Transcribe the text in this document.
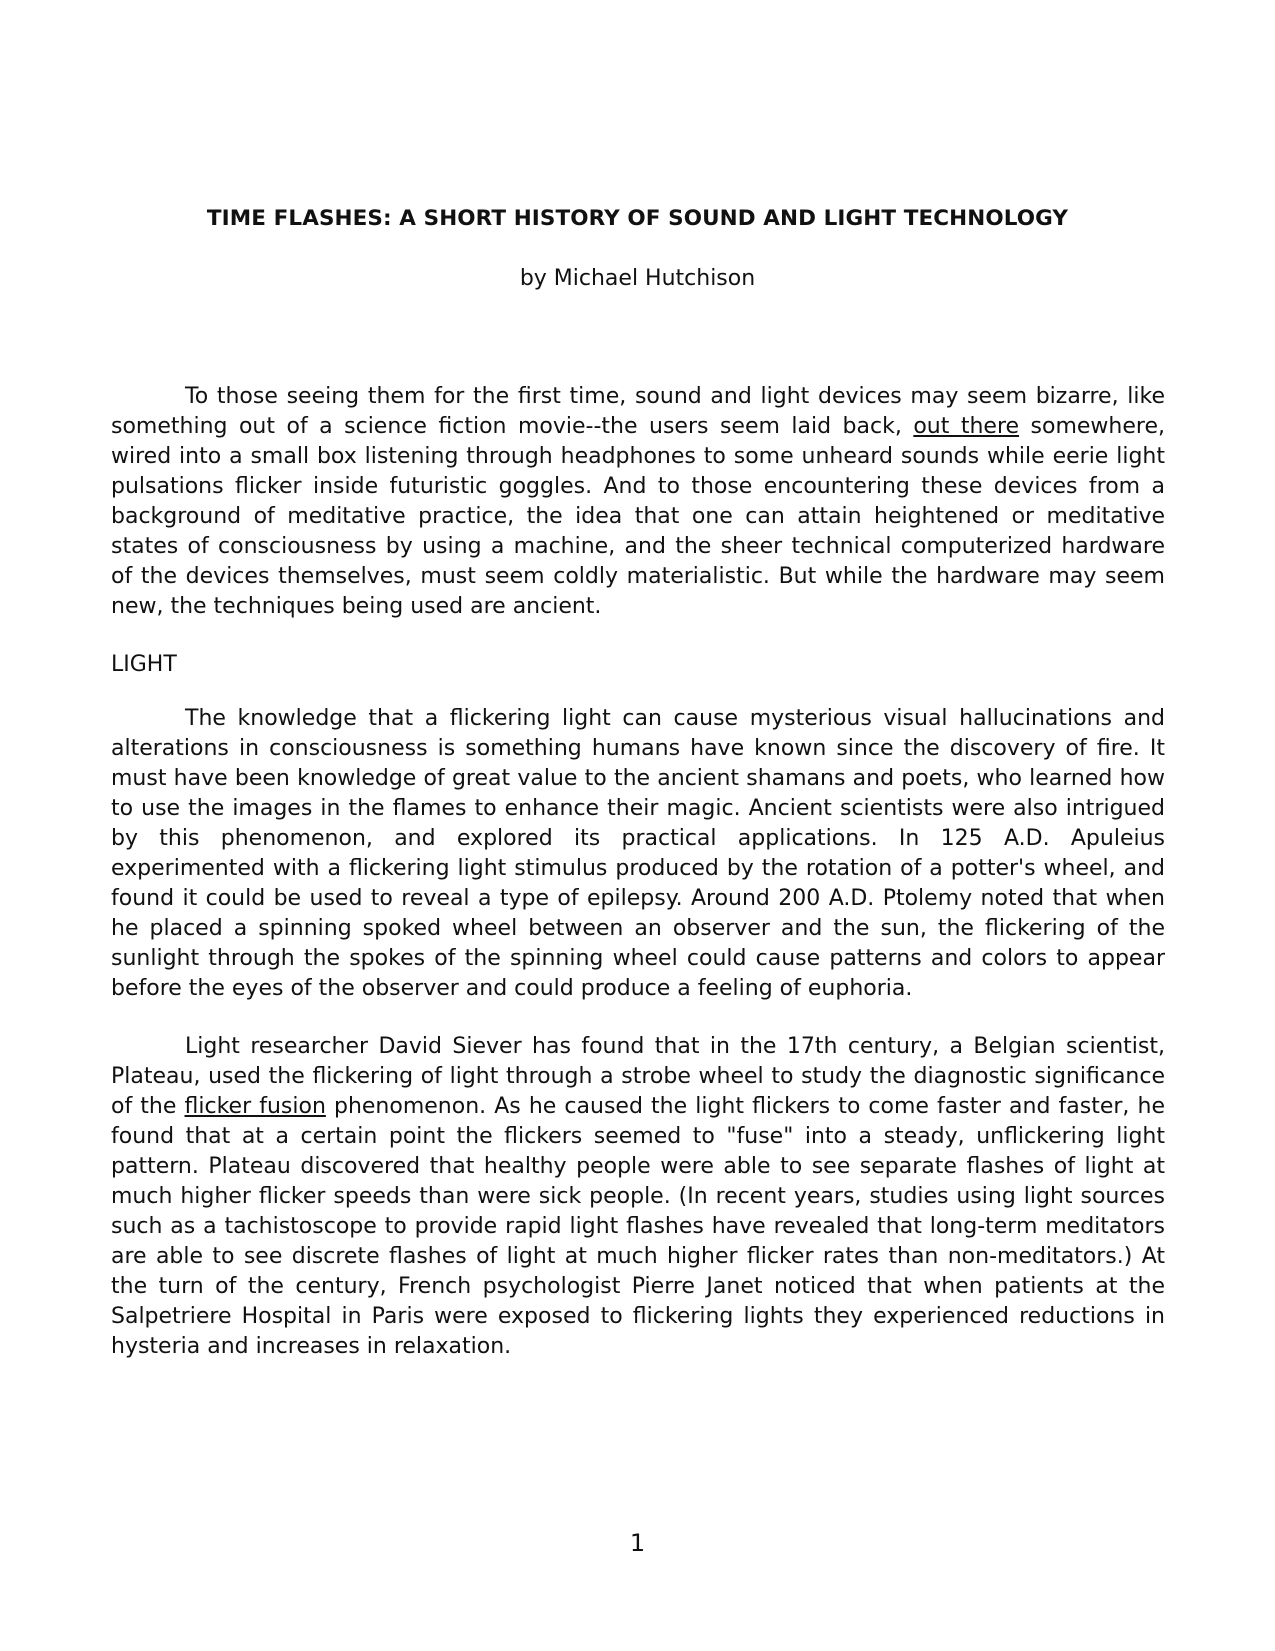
TIME FLASHES: A SHORT HISTORY OF SOUND AND LIGHT TECHNOLOGY

by Michael Hutchison

To those seeing them for the first time, sound and light devices may seem bizarre, like something out of a science fiction movie--the users seem laid back, out there somewhere, wired into a small box listening through headphones to some unheard sounds while eerie light pulsations flicker inside futuristic goggles. And to those encountering these devices from a background of meditative practice, the idea that one can attain heightened or meditative states of consciousness by using a machine, and the sheer technical computerized hardware of the devices themselves, must seem coldly materialistic. But while the hardware may seem new, the techniques being used are ancient.

LIGHT

The knowledge that a flickering light can cause mysterious visual hallucinations and alterations in consciousness is something humans have known since the discovery of fire. It must have been knowledge of great value to the ancient shamans and poets, who learned how to use the images in the flames to enhance their magic. Ancient scientists were also intrigued by this phenomenon, and explored its practical applications. In 125 A.D. Apuleius experimented with a flickering light stimulus produced by the rotation of a potter's wheel, and found it could be used to reveal a type of epilepsy. Around 200 A.D. Ptolemy noted that when he placed a spinning spoked wheel between an observer and the sun, the flickering of the sunlight through the spokes of the spinning wheel could cause patterns and colors to appear before the eyes of the observer and could produce a feeling of euphoria.

Light researcher David Siever has found that in the 17th century, a Belgian scientist, Plateau, used the flickering of light through a strobe wheel to study the diagnostic significance of the flicker fusion phenomenon. As he caused the light flickers to come faster and faster, he found that at a certain point the flickers seemed to "fuse" into a steady, unflickering light pattern. Plateau discovered that healthy people were able to see separate flashes of light at much higher flicker speeds than were sick people. (In recent years, studies using light sources such as a tachistoscope to provide rapid light flashes have revealed that long-term meditators are able to see discrete flashes of light at much higher flicker rates than non-meditators.) At the turn of the century, French psychologist Pierre Janet noticed that when patients at the Salpetriere Hospital in Paris were exposed to flickering lights they experienced reductions in hysteria and increases in relaxation.

1
